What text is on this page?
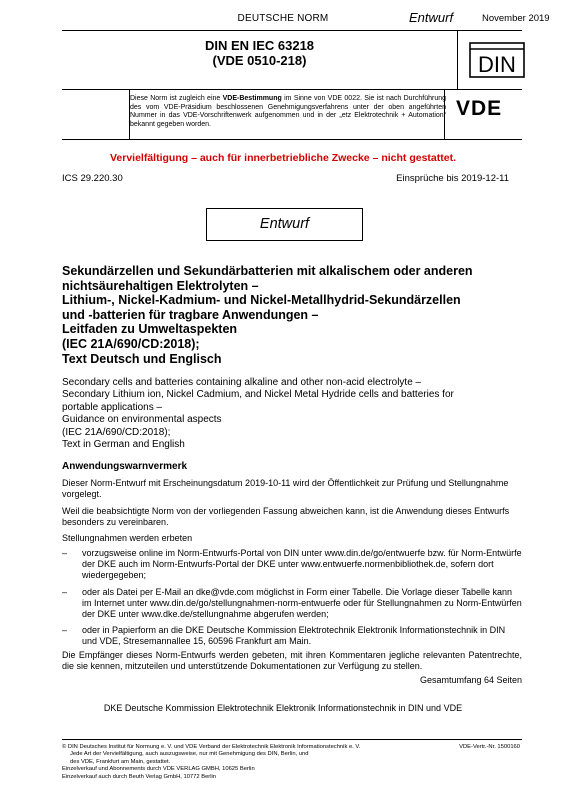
DEUTSCHE NORM	Entwurf	November 2019
DIN EN IEC 63218
(VDE 0510-218)	DIN
Diese Norm ist zugleich eine VDE-Bestimmung im Sinne von VDE 0022. Sie ist nach Durchführung des vom VDE-Präsidium beschlossenen Genehmigungsverfahrens unter der oben angeführten Nummer in das VDE-Vorschriftenwerk aufgenommen und in der „etz Elektrotechnik + Automation“ bekannt gegeben worden.
VDE
Vervielfältigung – auch für innerbetriebliche Zwecke – nicht gestattet.
ICS 29.220.30	Einsprüche bis 2019-12-11
Entwurf
Sekundärzellen und Sekundärbatterien mit alkalischem oder anderen
nichtsäurehaltigen Elektrolyten –
Lithium-, Nickel-Kadmium- und Nickel-Metallhydrid-Sekundärzellen
und -batterien für tragbare Anwendungen –
Leitfaden zu Umweltaspekten
(IEC 21A/690/CD:2018);
Text Deutsch und Englisch
Secondary cells and batteries containing alkaline and other non-acid electrolyte –
Secondary Lithium ion, Nickel Cadmium, and Nickel Metal Hydride cells and batteries for
portable applications –
Guidance on environmental aspects
(IEC 21A/690/CD:2018);
Text in German and English
Anwendungswarnvermerk
Dieser Norm-Entwurf mit Erscheinungsdatum 2019-10-11 wird der Öffentlichkeit zur Prüfung und Stellungnahme vorgelegt.
Weil die beabsichtigte Norm von der vorliegenden Fassung abweichen kann, ist die Anwendung dieses Entwurfs besonders zu vereinbaren.
Stellungnahmen werden erbeten
– vorzugsweise online im Norm-Entwurfs-Portal von DIN unter www.din.de/go/entwuerfe bzw. für Norm-Entwürfe der DKE auch im Norm-Entwurfs-Portal der DKE unter www.entwuerfe.normenbibliothek.de, sofern dort wiedergegeben;
– oder als Datei per E-Mail an dke@vde.com möglichst in Form einer Tabelle. Die Vorlage dieser Tabelle kann im Internet unter www.din.de/go/stellungnahmen-norm-entwuerfe oder für Stellungnahmen zu Norm-Entwürfen der DKE unter www.dke.de/stellungnahme abgerufen werden;
– oder in Papierform an die DKE Deutsche Kommission Elektrotechnik Elektronik Informationstechnik in DIN und VDE, Stresemannallee 15, 60596 Frankfurt am Main.
Die Empfänger dieses Norm-Entwurfs werden gebeten, mit ihren Kommentaren jegliche relevanten Patentrechte, die sie kennen, mitzuteilen und unterstützende Dokumentationen zur Verfügung zu stellen.
Gesamtumfang 64 Seiten
DKE Deutsche Kommission Elektrotechnik Elektronik Informationstechnik in DIN und VDE
© DIN Deutsches Institut für Normung e. V. und VDE Verband der Elektrotechnik Elektronik Informationstechnik e. V.
Jede Art der Vervielfältigung, auch auszugsweise, nur mit Genehmigung des DIN, Berlin, und
des VDE, Frankfurt am Main, gestattet.
Einzelverkauf und Abonnements durch VDE VERLAG GMBH, 10625 Berlin
Einzelverkauf auch durch Beuth Verlag GmbH, 10772 Berlin
VDE-Vertr.-Nr. 1500160
